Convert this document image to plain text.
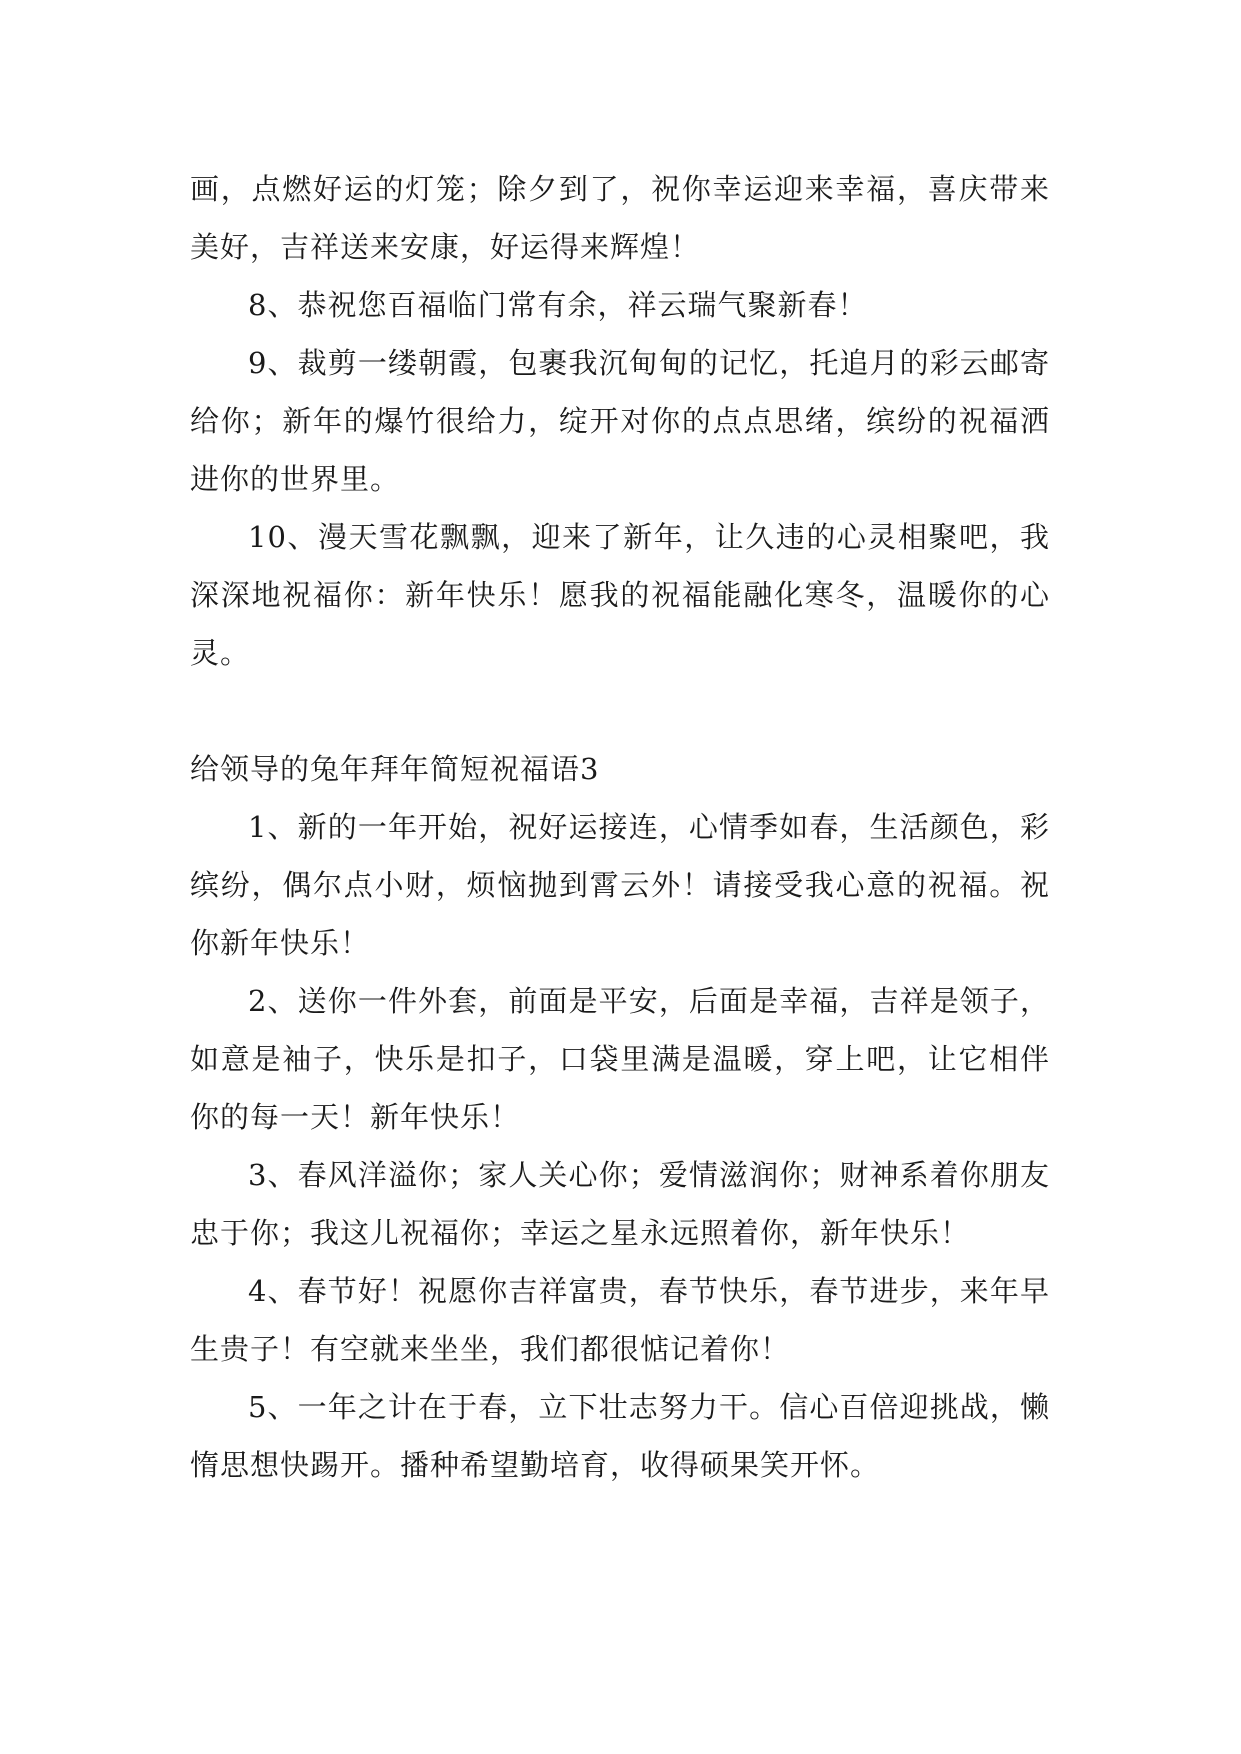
画，点燃好运的灯笼；除夕到了，祝你幸运迎来幸福，喜庆带来美好，吉祥送来安康，好运得来辉煌！

8、恭祝您百福临门常有余，祥云瑞气聚新春！

9、裁剪一缕朝霞，包裹我沉甸甸的记忆，托追月的彩云邮寄给你；新年的爆竹很给力，绽开对你的点点思绪，缤纷的祝福洒进你的世界里。

10、漫天雪花飘飘，迎来了新年，让久违的心灵相聚吧，我深深地祝福你：新年快乐！愿我的祝福能融化寒冬，温暖你的心灵。

给领导的兔年拜年简短祝福语3

1、新的一年开始，祝好运接连，心情季如春，生活颜色，彩缤纷，偶尔点小财，烦恼抛到霄云外！请接受我心意的祝福。祝你新年快乐！

2、送你一件外套，前面是平安，后面是幸福，吉祥是领子，如意是袖子，快乐是扣子，口袋里满是温暖，穿上吧，让它相伴你的每一天！新年快乐！

3、春风洋溢你；家人关心你；爱情滋润你；财神系着你朋友忠于你；我这儿祝福你；幸运之星永远照着你，新年快乐！

4、春节好！祝愿你吉祥富贵，春节快乐，春节进步，来年早生贵子！有空就来坐坐，我们都很惦记着你！

5、一年之计在于春，立下壮志努力干。信心百倍迎挑战，懒惰思想快踢开。播种希望勤培育，收得硕果笑开怀。
